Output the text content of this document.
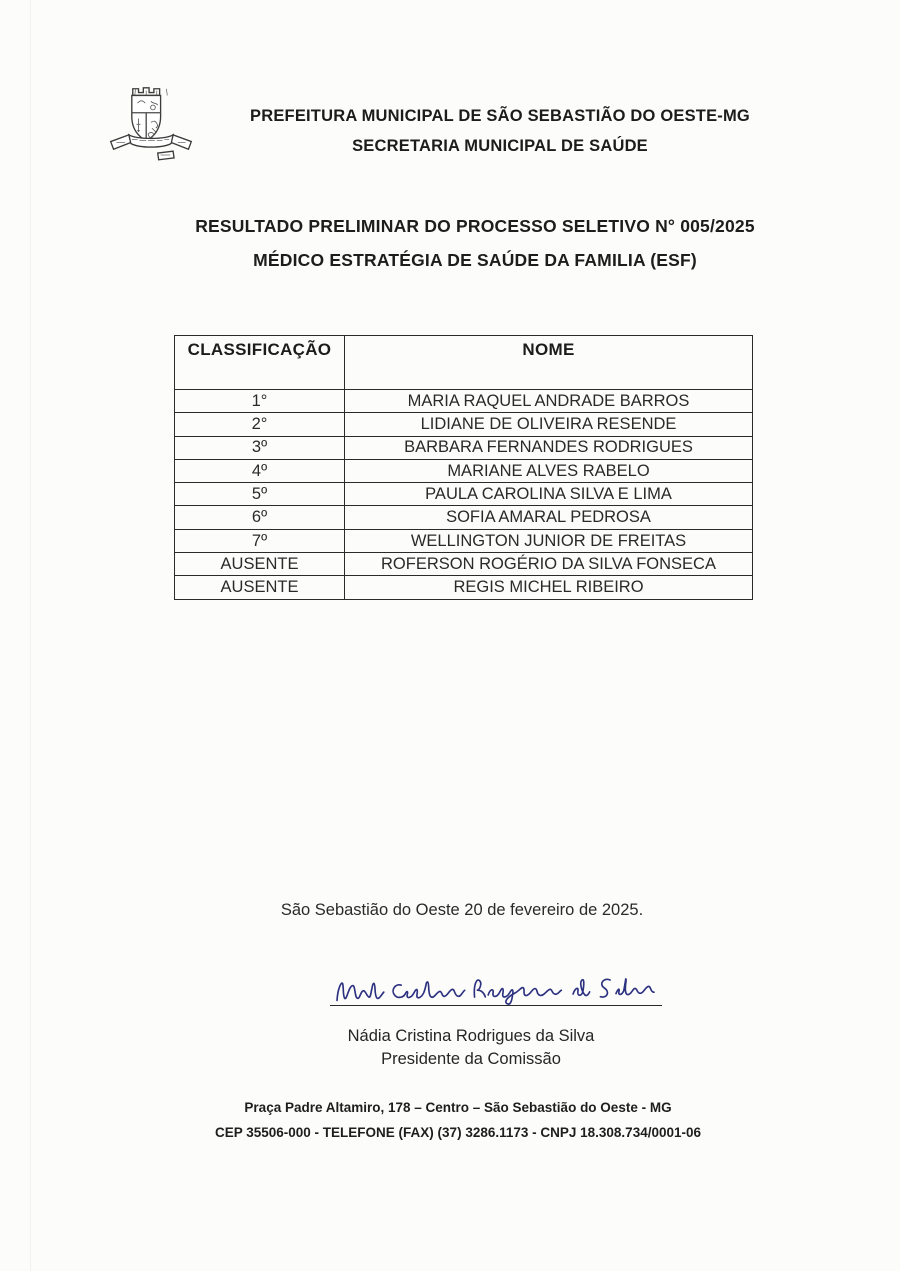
PREFEITURA MUNICIPAL DE SÃO SEBASTIÃO DO OESTE-MG
SECRETARIA MUNICIPAL DE SAÚDE
RESULTADO PRELIMINAR DO PROCESSO SELETIVO N° 005/2025
MÉDICO ESTRATÉGIA DE SAÚDE DA FAMILIA (ESF)
CLASSIFICAÇÃO	NOME
1°	MARIA RAQUEL ANDRADE BARROS
2°	LIDIANE DE OLIVEIRA RESENDE
3º	BARBARA FERNANDES RODRIGUES
4º	MARIANE ALVES RABELO
5º	PAULA CAROLINA SILVA E LIMA
6º	SOFIA AMARAL PEDROSA
7º	WELLINGTON JUNIOR DE FREITAS
AUSENTE	ROFERSON ROGÉRIO DA SILVA FONSECA
AUSENTE	REGIS MICHEL RIBEIRO
São Sebastião do Oeste 20 de fevereiro de 2025.
Nádia Cristina Rodrigues da Silva
Presidente da Comissão
Praça Padre Altamiro, 178 – Centro – São Sebastião do Oeste - MG
CEP 35506-000 - TELEFONE (FAX) (37) 3286.1173 - CNPJ 18.308.734/0001-06
